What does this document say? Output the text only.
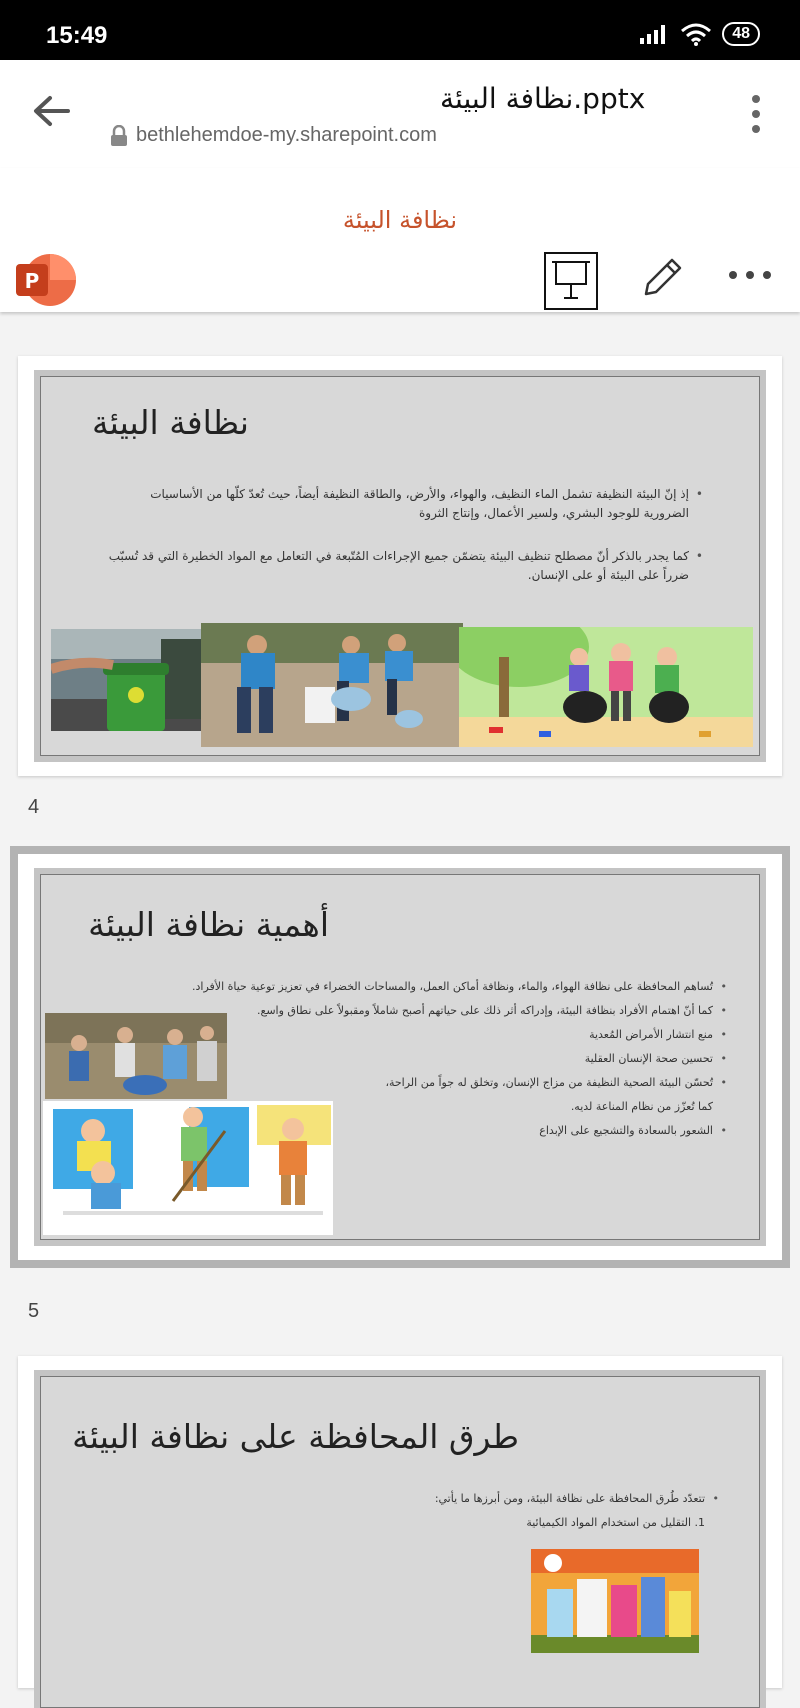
15:49	48
نظافة البيئة.pptx
bethlehemdoe-my.sharepoint.com
نظافة البيئة
P
نظافة البيئة
• إذ إنّ البيئة النظيفة تشمل الماء النظيف، والهواء، والأرض، والطاقة النظيفة أيضاً، حيث تُعدّ كلّها من الأساسيات الضرورية للوجود البشري، ولسير الأعمال، وإنتاج الثروة
• كما يجدر بالذكر أنّ مصطلح تنظيف البيئة يتضمّن جميع الإجراءات المُتّبعة في التعامل مع المواد الخطيرة التي قد تُسبّب ضرراً على البيئة أو على الإنسان.
4
أهمية نظافة البيئة
• تُساهم المحافظة على نظافة الهواء، والماء، ونظافة أماكن العمل، والمساحات الخضراء في تعزيز توعية حياة الأفراد.
• كما أنّ اهتمام الأفراد بنظافة البيئة، وإدراكه أثر ذلك على حياتهم أصبح شاملاً ومقبولاً على نطاق واسع.
• منع انتشار الأمراض المُعدية
• تحسين صحة الإنسان العقلية
• تُحسّن البيئة الصحية النظيفة من مزاج الإنسان، وتخلق له جواً من الراحة،
كما تُعزّز من نظام المناعة لديه.
• الشعور بالسعادة والتشجيع على الإبداع
5
طرق المحافظة على نظافة البيئة
• تتعدّد طُرق المحافظة على نظافة البيئة، ومن أبرزها ما يأتي:
1. التقليل من استخدام المواد الكيميائية
